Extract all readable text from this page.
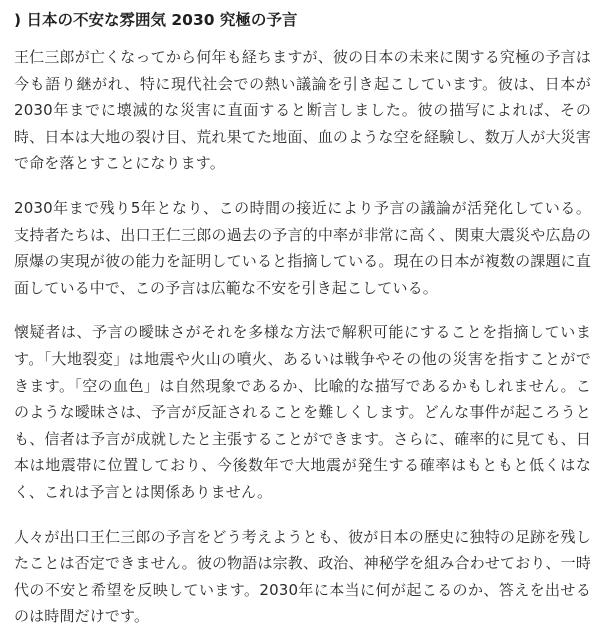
) 日本の不安な雰囲気 2030 究極の予言

王仁三郎が亡くなってから何年も経ちますが、彼の日本の未来に関する究極の予言は今も語り継がれ、特に現代社会での熱い議論を引き起こしています。彼は、日本が2030年までに壊滅的な災害に直面すると断言しました。彼の描写によれば、その時、日本は大地の裂け目、荒れ果てた地面、血のような空を経験し、数万人が大災害で命を落とすことになります。

2030年まで残り5年となり、この時間の接近により予言の議論が活発化している。支持者たちは、出口王仁三郎の過去の予言的中率が非常に高く、関東大震災や広島の原爆の実現が彼の能力を証明していると指摘している。現在の日本が複数の課題に直面している中で、この予言は広範な不安を引き起こしている。

懐疑者は、予言の曖昧さがそれを多様な方法で解釈可能にすることを指摘しています。「大地裂変」は地震や火山の噴火、あるいは戦争やその他の災害を指すことができます。「空の血色」は自然現象であるか、比喩的な描写であるかもしれません。このような曖昧さは、予言が反証されることを難しくします。どんな事件が起ころうとも、信者は予言が成就したと主張することができます。さらに、確率的に見ても、日本は地震帯に位置しており、今後数年で大地震が発生する確率はもともと低くはなく、これは予言とは関係ありません。

人々が出口王仁三郎の予言をどう考えようとも、彼が日本の歴史に独特の足跡を残したことは否定できません。彼の物語は宗教、政治、神秘学を組み合わせており、一時代の不安と希望を反映しています。2030年に本当に何が起こるのか、答えを出せるのは時間だけです。
